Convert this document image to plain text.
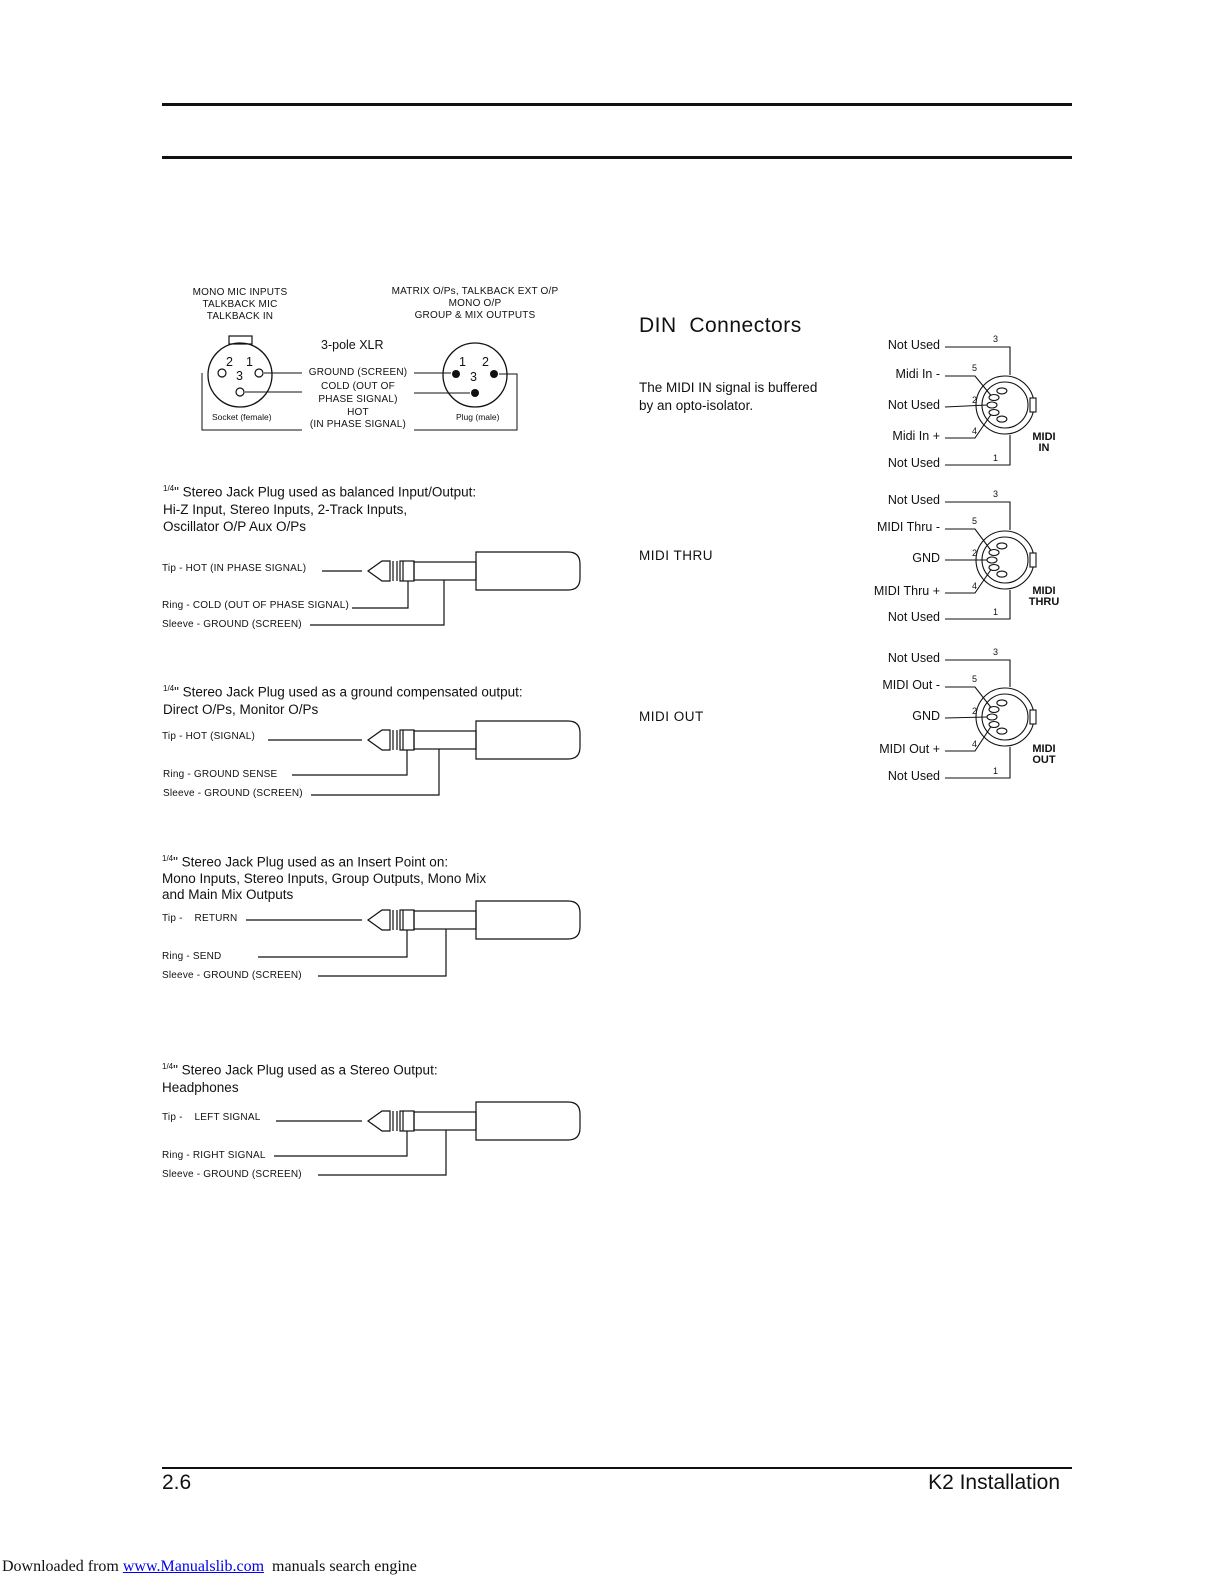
MONO MIC INPUTS
TALKBACK MIC
TALKBACK IN
MATRIX O/Ps, TALKBACK EXT O/P
MONO O/P
GROUP & MIX OUTPUTS
3-pole XLR
2 1
3
1 2
3
GROUND (SCREEN)
COLD (OUT OF
PHASE SIGNAL)
HOT
(IN PHASE SIGNAL)
Socket (female)	Plug (male)
$^{1/4}$" Stereo Jack Plug used as balanced Input/Output:
Hi-Z Input, Stereo Inputs, 2-Track Inputs,
Oscillator O/P Aux O/Ps
Tip - HOT (IN PHASE SIGNAL)
Ring - COLD (OUT OF PHASE SIGNAL)
Sleeve - GROUND (SCREEN)
$^{1/4}$" Stereo Jack Plug used as a ground compensated output:
Direct O/Ps, Monitor O/Ps
Tip - HOT (SIGNAL)
Ring - GROUND SENSE
Sleeve - GROUND (SCREEN)
$^{1/4}$" Stereo Jack Plug used as an Insert Point on:
Mono Inputs, Stereo Inputs, Group Outputs, Mono Mix
and Main Mix Outputs
Tip -    RETURN
Ring - SEND
Sleeve - GROUND (SCREEN)
$^{1/4}$" Stereo Jack Plug used as a Stereo Output:
Headphones
Tip -    LEFT SIGNAL
Ring - RIGHT SIGNAL
Sleeve - GROUND (SCREEN)
DIN  Connectors
The MIDI IN signal is buffered
by an opto-isolator.
MIDI THRU
MIDI OUT
3
5
2
4
1
3
5
2
4
1
3
5
2
4
1
Not Used
Midi In -
Not Used
Midi In +
Not Used
MIDI
IN
Not Used
MIDI Thru -
GND
MIDI Thru +
Not Used
MIDI
THRU
Not Used
MIDI Out -
GND
MIDI Out +
Not Used
MIDI
OUT
2.6	K2 Installation

Downloaded from www.Manualslib.com  manuals search engine
